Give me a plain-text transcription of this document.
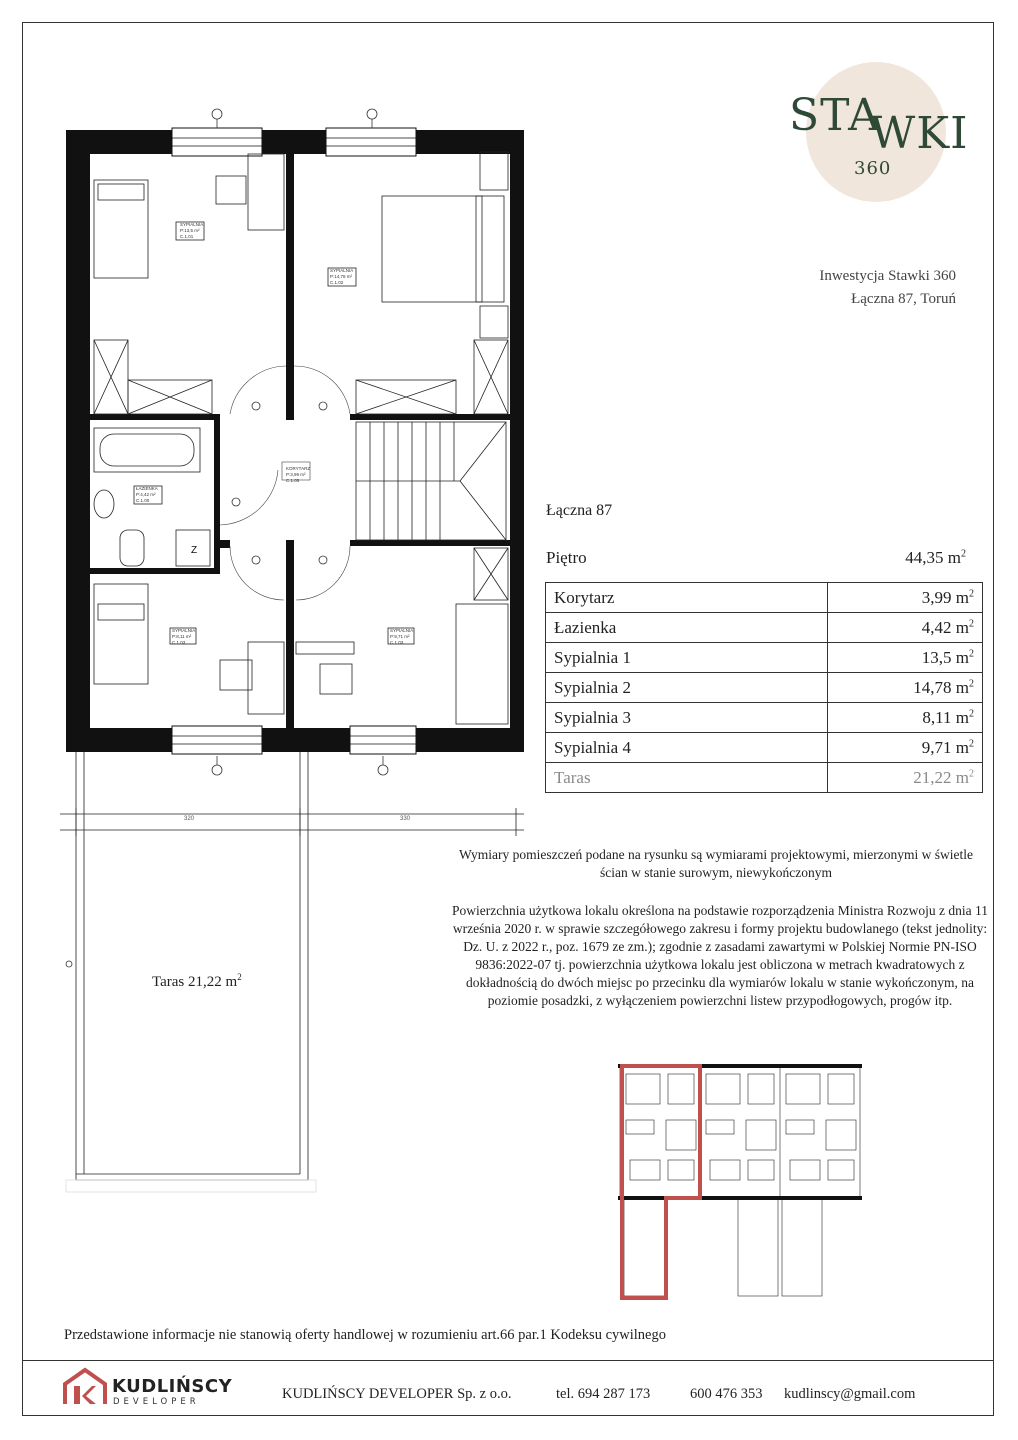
STA
WKI
360
Inwestycja Stawki 360
Łączna 87, Toruń
Łączna 87
Piętro	44,35 $m^2$
Korytarz	3,99 $m^2$
Łazienka	4,42 $m^2$
Sypialnia 1	13,5 $m^2$
Sypialnia 2	14,78 $m^2$
Sypialnia 3	8,11 $m^2$
Sypialnia 4	9,71 $m^2$
Taras	21,22 $m^2$
Z
320	330
SYPIALNIA
P:13,5 m²
C.1.01
SYPIALNIA
P:14,78 m²
C.1.02
KORYTARZ
P:3,99 m²
C.1.05
ŁAZIENKA
P:4,42 m²
C.1.00
SYPIALNIA
P:8,11 m²
C.1.03
SYPIALNIA
P:9,71 m²
C.1.03
Taras 21,22 $m^2$
Wymiary pomieszczeń podane na rysunku są wymiarami projektowymi, mierzonymi w świetle ścian w stanie surowym, niewykończonym
Powierzchnia użytkowa lokalu określona na podstawie rozporządzenia Ministra Rozwoju z dnia 11 września 2020 r. w sprawie szczegółowego zakresu i formy projektu budowlanego (tekst jednolity: Dz. U. z 2022 r., poz. 1679 ze zm.); zgodnie z zasadami zawartymi w Polskiej Normie PN-ISO 9836:2022-07 tj. powierzchnia użytkowa lokalu jest obliczona w metrach kwadratowych z dokładnością do dwóch miejsc po przecinku dla wymiarów lokalu w stanie wykończonym, na poziomie posadzki, z wyłączeniem powierzchni listew przypodłogowych, progów itp.
Przedstawione informacje nie stanowią oferty handlowej w rozumieniu art.66 par.1 Kodeksu cywilnego
KUDLIŃSCY
DEVELOPER	KUDLIŃSCY DEVELOPER Sp. z o.o.	tel. 694 287 173	600 476 353 kudlinscy@gmail.com
